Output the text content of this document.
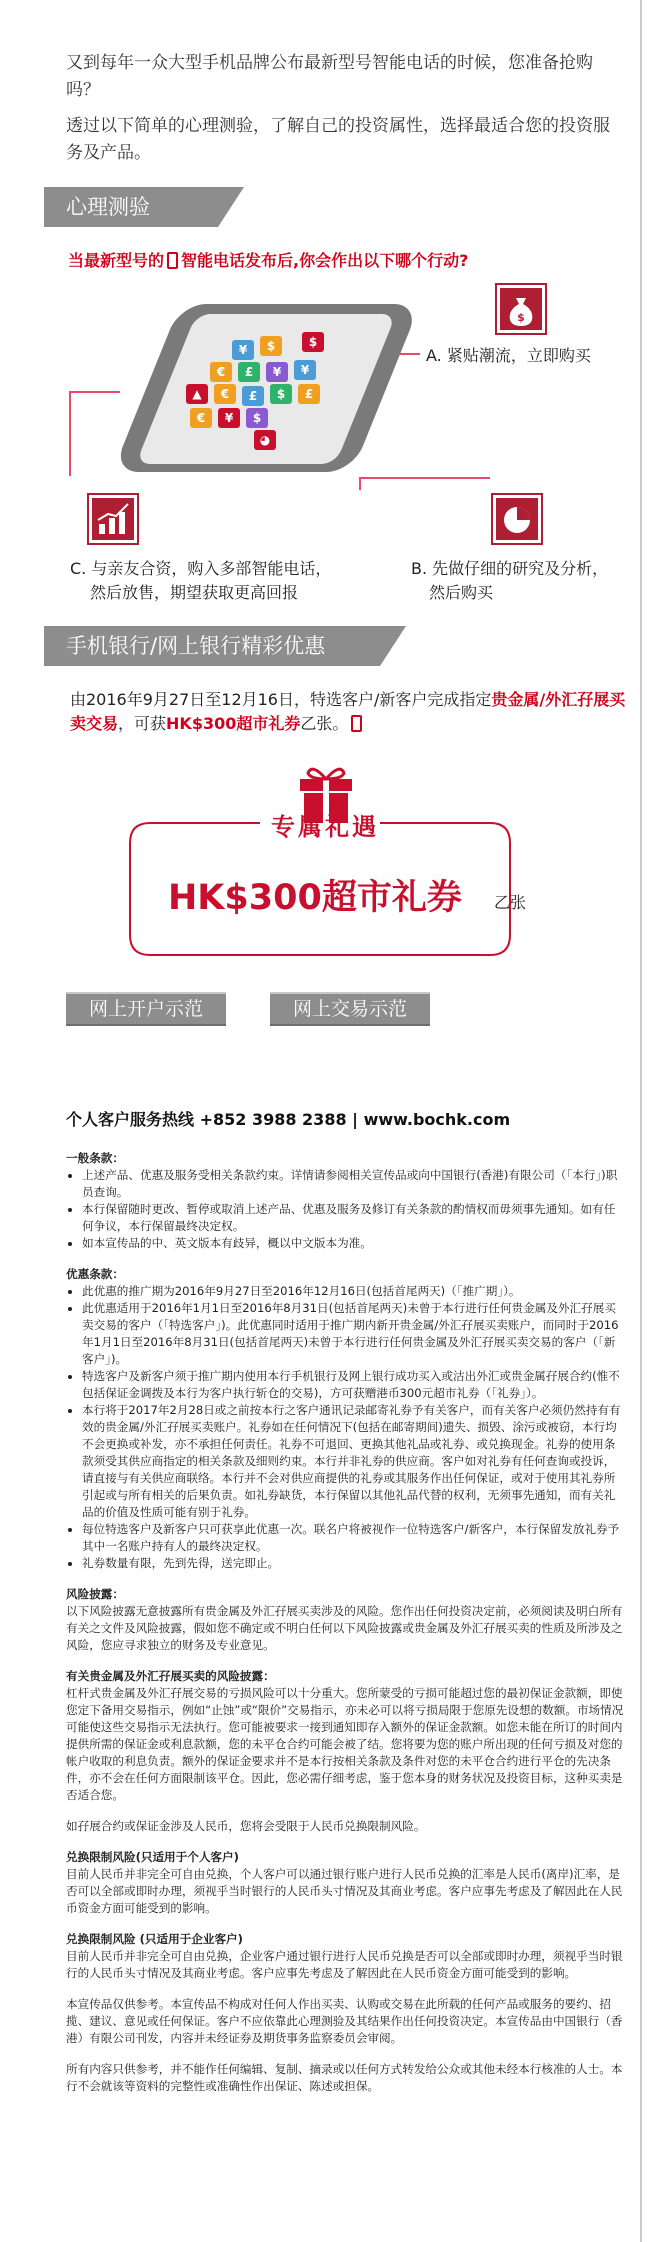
又到每年一众大型手机品牌公布最新型号智能电话的时候，您准备抢购吗？
透过以下简单的心理测验，了解自己的投资属性，选择最适合您的投资服务及产品。
心理测验
当最新型号的 智能电话发布后,你会作出以下哪个行动?
¥ $	$
€ £ ¥ ¥
▲ € £ $ £
€ ¥ $
◕
$
A. 紧贴潮流，立即购买
B. 先做仔细的研究及分析，
然后购买
C. 与亲友合资，购入多部智能电话，
然后放售，期望获取更高回报
手机银行/网上银行精彩优惠
由2016年9月27日至12月16日，特选客户/新客户完成指定贵金属/外汇孖展买卖交易，可获HK$300超市礼券乙张。
专属礼遇
HK$300超市礼券 乙张
网上开户示范	网上交易示范
个人客户服务热线 +852 3988 2388 | www.bochk.com
一般条款：
• 上述产品、优惠及服务受相关条款约束。详情请参阅相关宣传品或向中国银行(香港)有限公司（「本行」)职员查询。
• 本行保留随时更改、暂停或取消上述产品、优惠及服务及修订有关条款的酌情权而毋须事先通知。如有任何争议，本行保留最终决定权。
• 如本宣传品的中、英文版本有歧异，概以中文版本为准。
优惠条款：
• 此优惠的推广期为2016年9月27日至2016年12月16日(包括首尾两天)（「推广期」）。
• 此优惠适用于2016年1月1日至2016年8月31日(包括首尾两天)未曾于本行进行任何贵金属及外汇孖展买卖交易的客户（「特选客户」)。此优惠同时适用于推广期内新开贵金属/外汇孖展买卖账户，而同时于2016年1月1日至2016年8月31日(包括首尾两天)未曾于本行进行任何贵金属及外汇孖展买卖交易的客户（「新客户」)。
• 特选客户及新客户须于推广期内使用本行手机银行及网上银行成功买入或沽出外汇或贵金属孖展合约(惟不包括保证金调拨及本行为客户执行斩仓的交易)，方可获赠港币300元超市礼券（「礼券」）。
• 本行将于2017年2月28日或之前按本行之客户通讯记录邮寄礼券予有关客户，而有关客户必须仍然持有有效的贵金属/外汇孖展买卖账户。礼券如在任何情况下(包括在邮寄期间)遗失、损毁、涂污或被窃，本行均不会更换或补发，亦不承担任何责任。礼券不可退回、更换其他礼品或礼券、或兑换现金。礼券的使用条款须受其供应商指定的相关条款及细则约束。本行并非礼券的供应商。客户如对礼券有任何查询或投诉，请直接与有关供应商联络。本行并不会对供应商提供的礼券或其服务作出任何保证，或对于使用其礼券所引起或与所有相关的后果负责。如礼券缺货，本行保留以其他礼品代替的权利，无须事先通知，而有关礼品的价值及性质可能有别于礼券。
• 每位特选客户及新客户只可获享此优惠一次。联名户将被视作一位特选客户/新客户，本行保留发放礼券予其中一名账户持有人的最终决定权。
• 礼券数量有限，先到先得，送完即止。
风险披露：

以下风险披露无意披露所有贵金属及外汇孖展买卖涉及的风险。您作出任何投资决定前，必须阅读及明白所有有关之文件及风险披露，假如您不确定或不明白任何以下风险披露或贵金属及外汇孖展买卖的性质及所涉及之风险，您应寻求独立的财务及专业意见。

有关贵金属及外汇孖展买卖的风险披露：

杠杆式贵金属及外汇孖展交易的亏损风险可以十分重大。您所蒙受的亏损可能超过您的最初保证金款额，即使您定下备用交易指示，例如“止蚀”或“限价”交易指示，亦未必可以将亏损局限于您原先设想的数额。市场情况可能使这些交易指示无法执行。您可能被要求一接到通知即存入额外的保证金款额。如您未能在所订的时间内提供所需的保证金或利息款额，您的未平仓合约可能会被了结。您将要为您的账户所出现的任何亏损及对您的帐户收取的利息负责。额外的保证金要求并不是本行按相关条款及条件对您的未平仓合约进行平仓的先决条件，亦不会在任何方面限制该平仓。因此，您必需仔细考虑，鉴于您本身的财务状况及投资目标，这种买卖是否适合您。

如孖展合约或保证金涉及人民币，您将会受限于人民币兑换限制风险。

兑换限制风险(只适用于个人客户)

目前人民币并非完全可自由兑换，个人客户可以通过银行账户进行人民币兑换的汇率是人民币(离岸)汇率，是否可以全部或即时办理，须视乎当时银行的人民币头寸情况及其商业考虑。客户应事先考虑及了解因此在人民币资金方面可能受到的影响。

兑换限制风险 (只适用于企业客户)

目前人民币并非完全可自由兑换，企业客户通过银行进行人民币兑换是否可以全部或即时办理，须视乎当时银行的人民币头寸情况及其商业考虑。客户应事先考虑及了解因此在人民币资金方面可能受到的影响。

本宣传品仅供参考。本宣传品不构成对任何人作出买卖、认购或交易在此所载的任何产品或服务的要约、招揽、建议、意见或任何保证。客户不应依靠此心理测验及其结果作出任何投资决定。本宣传品由中国银行（香港）有限公司刊发，内容并未经证券及期货事务监察委员会审阅。

所有内容只供参考，并不能作任何编辑、复制、摘录或以任何方式转发给公众或其他未经本行核准的人士。本行不会就该等资料的完整性或准确性作出保证、陈述或担保。
